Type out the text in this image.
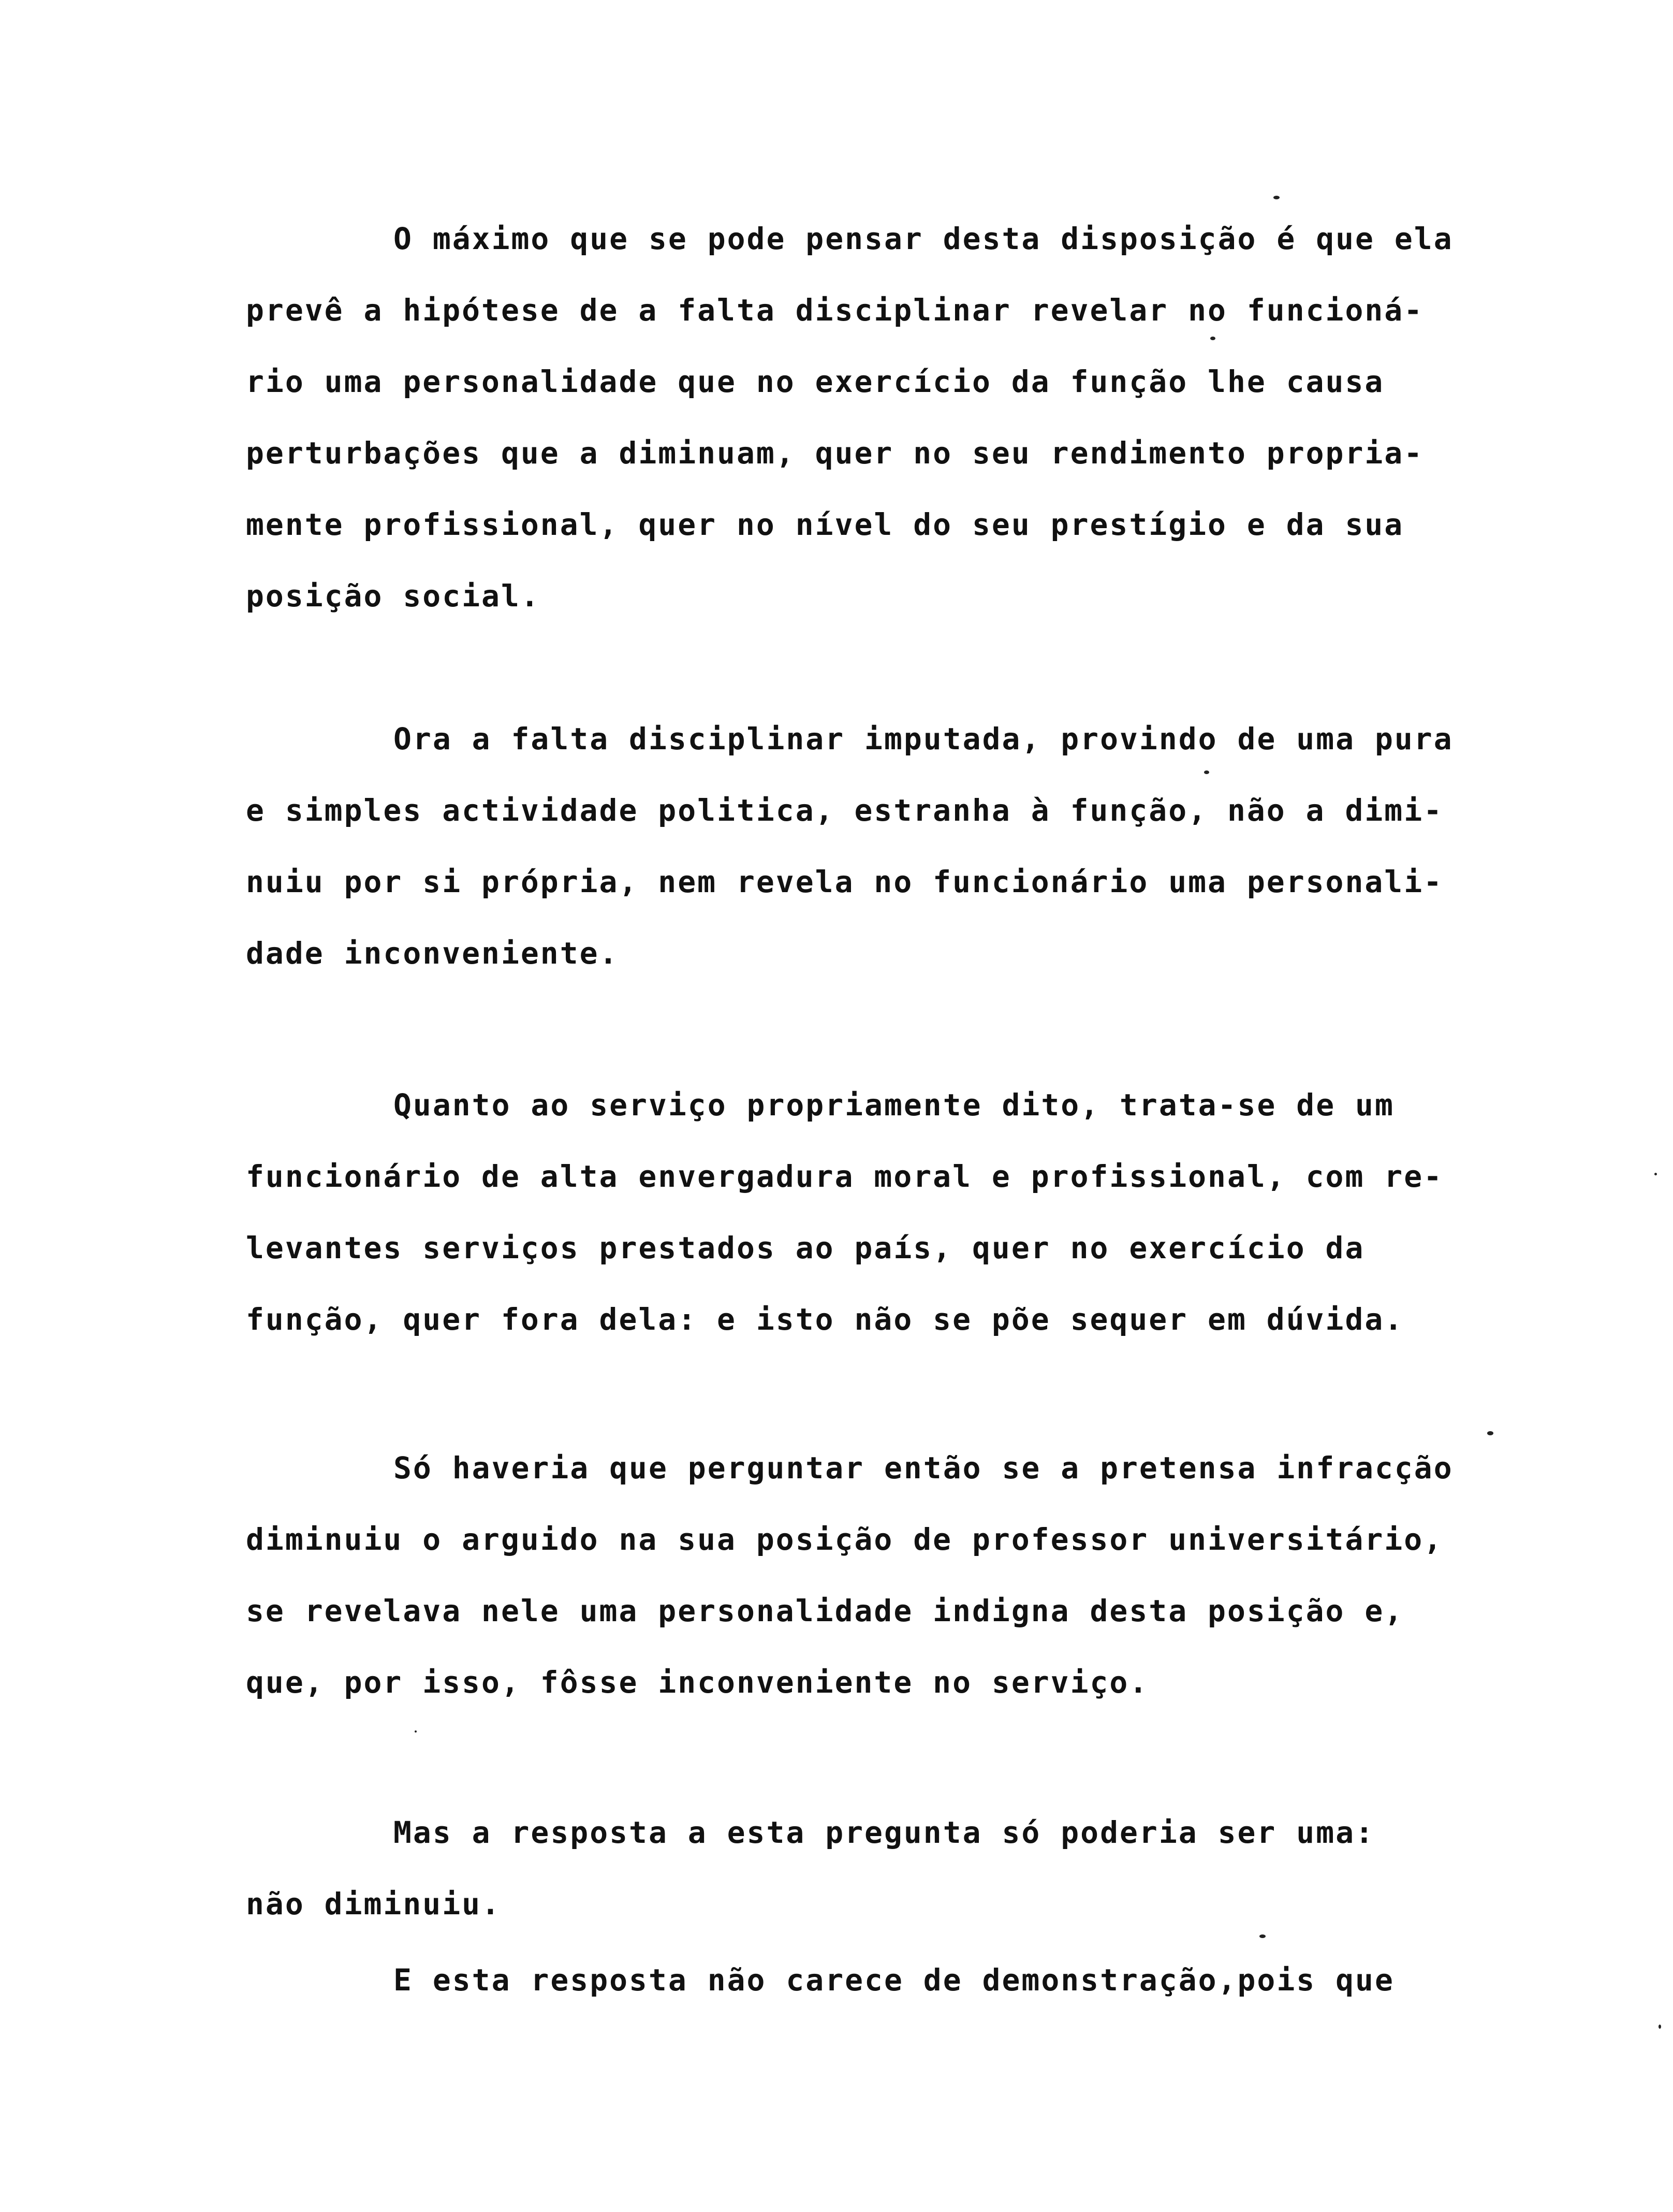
O máximo que se pode pensar desta disposição é que ela
prevê a hipótese de a falta disciplinar revelar no funcioná-
rio uma personalidade que no exercício da função lhe causa
perturbações que a diminuam, quer no seu rendimento propria-
mente profissional, quer no nível do seu prestígio e da sua
posição social.
Ora a falta disciplinar imputada, provindo de uma pura
e simples actividade politica, estranha à função, não a dimi-
nuiu por si própria, nem revela no funcionário uma personali-
dade inconveniente.
Quanto ao serviço propriamente dito, trata-se de um
funcionário de alta envergadura moral e profissional, com re-
levantes serviços prestados ao país, quer no exercício da
função, quer fora dela: e isto não se põe sequer em dúvida.
Só haveria que perguntar então se a pretensa infracção
diminuiu o arguido na sua posição de professor universitário,
se revelava nele uma personalidade indigna desta posição e,
que, por isso, fôsse inconveniente no serviço.
Mas a resposta a esta pregunta só poderia ser uma:
não diminuiu.
E esta resposta não carece de demonstração,pois que
